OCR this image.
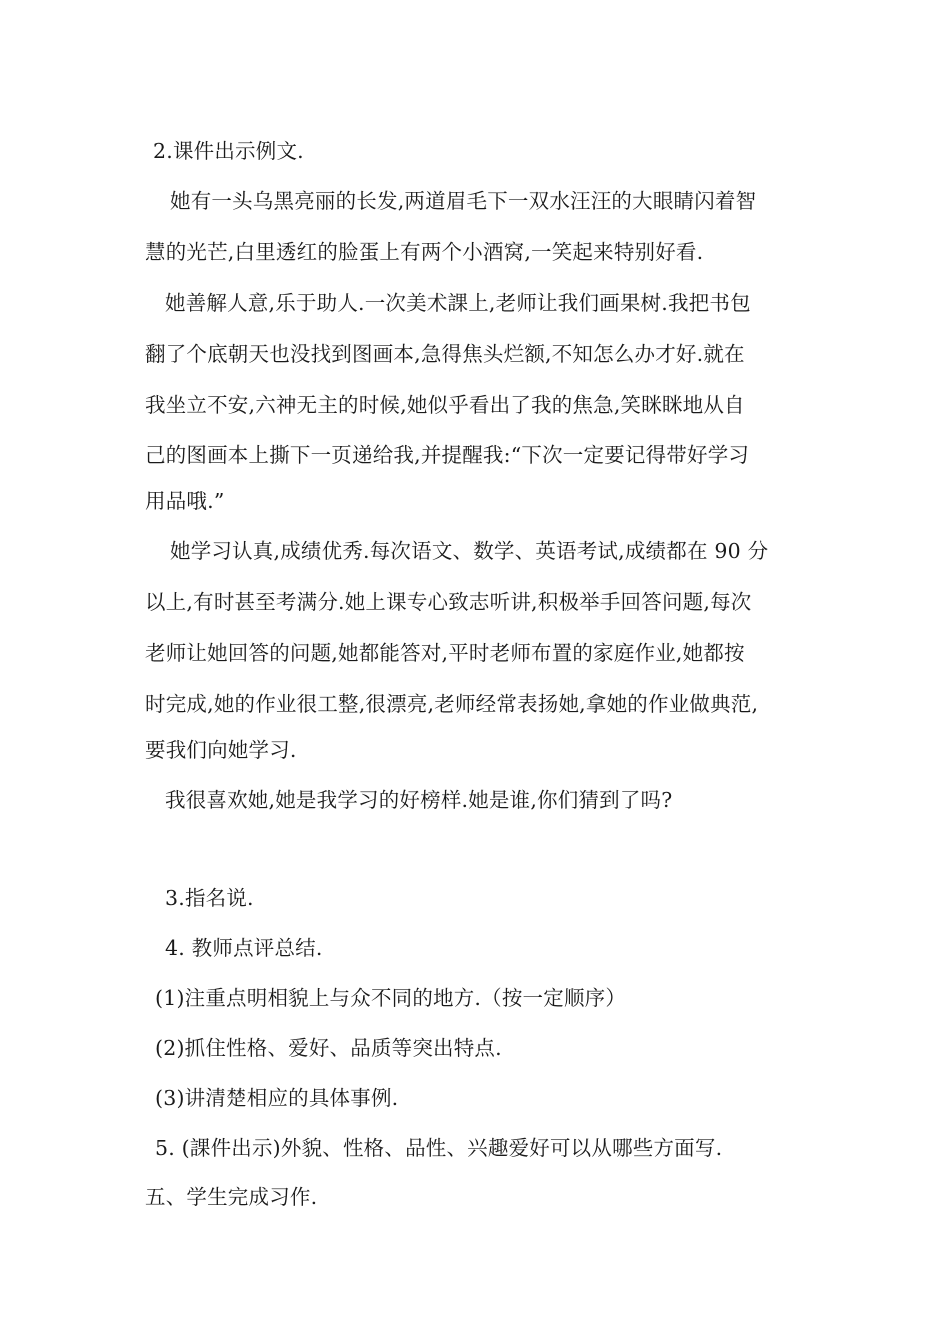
2.课件出示例文.
她有一头乌黑亮丽的长发,两道眉毛下一双水汪汪的大眼睛闪着智
慧的光芒,白里透红的脸蛋上有两个小酒窝,一笑起来特别好看.
她善解人意,乐于助人.一次美术課上,老师让我们画果树.我把书包
翻了个底朝天也没找到图画本,急得焦头烂额,不知怎么办才好.就在
我坐立不安,六神无主的时候,她似乎看出了我的焦急,笑眯眯地从自
己的图画本上撕下一页递给我,并提醒我:“下次一定要记得带好学习
用品哦.”
她学习认真,成绩优秀.每次语文、数学、英语考试,成绩都在 90 分
以上,有时甚至考满分.她上课专心致志听讲,积极举手回答问题,每次
老师让她回答的问题,她都能答对,平时老师布置的家庭作业,她都按
时完成,她的作业很工整,很漂亮,老师经常表扬她,拿她的作业做典范,
要我们向她学习.
我很喜欢她,她是我学习的好榜样.她是谁,你们猜到了吗?
3.指名说.
4. 教师点评总结.
(1)注重点明相貌上与众不同的地方.（按一定顺序）
(2)抓住性格、爱好、品质等突出特点.
(3)讲清楚相应的具体事例.
5. (課件出示)外貌、性格、品性、兴趣爱好可以从哪些方面写.
五、学生完成习作.
